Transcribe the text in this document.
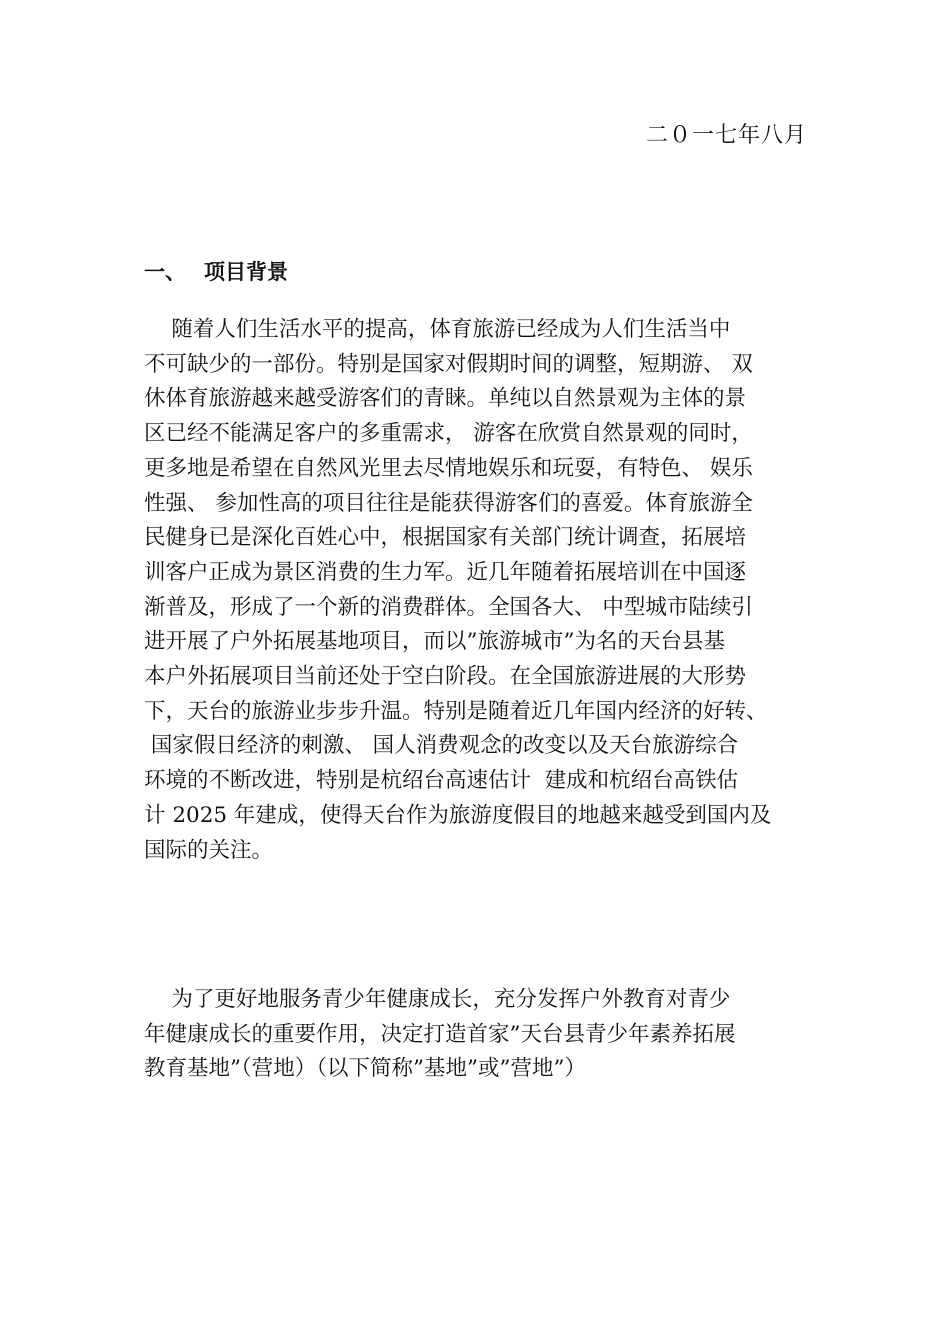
二０一七年八月
一、 项目背景
随着人们生活水平的提高，体育旅游已经成为人们生活当中
不可缺少的一部份。特别是国家对假期时间的调整，短期游、 双
休体育旅游越来越受游客们的青睐。单纯以自然景观为主体的景
区已经不能满足客户的多重需求， 游客在欣赏自然景观的同时，
更多地是希望在自然风光里去尽情地娱乐和玩耍，有特色、 娱乐
性强、 参加性高的项目往往是能获得游客们的喜爱。体育旅游全
民健身已是深化百姓心中，根据国家有关部门统计调查，拓展培
训客户正成为景区消费的生力军。近几年随着拓展培训在中国逐
渐普及，形成了一个新的消费群体。全国各大、 中型城市陆续引
进开展了户外拓展基地项目，而以”旅游城市”为名的天台县基
本户外拓展项目当前还处于空白阶段。在全国旅游进展的大形势
下，天台的旅游业步步升温。特别是随着近几年国内经济的好转、
国家假日经济的刺激、 国人消费观念的改变以及天台旅游综合
环境的不断改进，特别是杭绍台高速估计  建成和杭绍台高铁估
计 2025 年建成，使得天台作为旅游度假目的地越来越受到国内及
国际的关注。
为了更好地服务青少年健康成长，充分发挥户外教育对青少
年健康成长的重要作用，决定打造首家”天台县青少年素养拓展
教育基地”（营地）（以下简称”基地”或”营地”）
